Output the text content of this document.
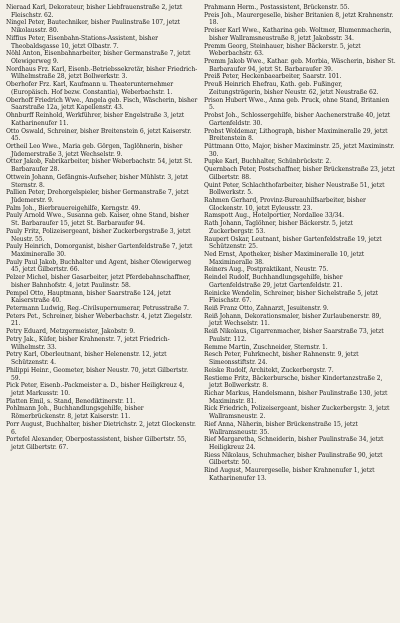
Nieraad Karl, Dekorateur, bisher Liebfrauenstraße 2, jetzt Fleischstr. 62.

Ningel Peter, Bautechniker, bisher Paulinstraße 107, jetzt Nikolausstr. 80.

Niffius Peter, Eisenbahn-Stations-Assistent, bisher Theobaldsgasse 10, jetzt Olbastr. 7.

Nöhl Anton, Eisenbahnarbeiter, bisher Germanstraße 7, jetzt Olewigerweg 9.

Nordhaus Frz. Karl, Eisenb.-Betriebssekretär, bisher Friedrich-Wilhelmstraße 28, jetzt Bollwerkstr. 3.

Oberhofer Frz. Karl, Kaufmann u. Theaterunternehmer (Europäisch. Hof bezw. Constantia), Weberbachstr. 1.

Oberhoff Friedrich Wwe., Angela geb. Fisch, Wäscherin, bisher Saarstraße 12a, jetzt Kapellenstr. 43.

Ohnburff Reinhold, Werkführer, bisher Engelstraße 3, jetzt Katharinenufer 11.

Otto Oswald, Schreiner, bisher Breitenstein 6, jetzt Kaiserstr. 45.

Ortheil Leo Wwe., Maria geb. Görgen, Taglöhnerin, bisher Jüdemerstraße 3, jetzt Wechselstr. 9.

Otter Jakob, Fabrikarbeiter, bisher Weberbachstr. 54, jetzt St. Barbaraufer 28.

Ottwein Johann, Gefängnis-Aufseher, bisher Mühlstr. 3, jetzt Sternstr. 8.

Pallien Peter, Drehorgelspieler, bisher Germanstraße 7, jetzt Jüdemerstr. 9.

Palm Joh., Bierbrauereigehilfe, Kerngstr. 49.

Pauly Arnold Wwe., Susanna geb. Kaiser, ohne Stand, bisher St. Barbaraufer 15, jetzt St. Barbaraufer 94.

Pauly Fritz, Polizeisergeant, bisher Zuckerbergstraße 3, jetzt Neustr. 55.

Pauly Heinrich, Domorganist, bisher Gartenfeldstraße 7, jetzt Maximineralle 30.

Pauly Paul Jakob, Buchhalter und Agent, bisher Olewigerweg 45, jetzt Gilbertstr. 66.

Pelzer Michel, bisher Gasarbeiter, jetzt Pferdebahnschaffner, bisher Bahnhofstr. 4, jetzt Paulinstr. 58.

Pempel Otto, Hauptmann, bisher Saarstraße 124, jetzt Kaiserstraße 40.

Petermann Ludwig, Reg.-Civilsupernumerar, Petrusstraße 7.

Peters Pet., Schreiner, bisher Weberbachstr. 4, jetzt Ziegelstr. 21.

Petry Eduard, Metzgermeister, Jakobstr. 9.

Petry Jak., Küfer, bisher Krahnenstr. 7, jetzt Friedrich-Wilhelmstr. 33.

Petry Karl, Oberleutnant, bisher Helenenstr. 12, jetzt Schützenstr. 4.

Philippi Heinr., Geometer, bisher Neustr. 70, jetzt Gilbertstr. 59.

Pick Peter, Eisenb.-Packmeister a. D., bisher Heiligkreuz 4, jetzt Markusstr. 10.

Platten Emil, s. Stand, Benediktinerstr. 11.

Pohlmann Joh., Buchhandlungsgehilfe, bisher Römerbrückenstr. 8, jetzt Kaiserstr. 11.

Porr August, Buchhalter, bisher Dietrichstr. 2, jetzt Glockenstr. 6.

Portefel Alexander, Oberpostassistent, bisher Gilbertstr. 55, jetzt Gilbertstr. 67.

Prahmann Herm., Postassistent, Brückenstr. 55.

Preis Joh., Maurergeselle, bisher Britanien 8, jetzt Krahnenstr. 18.

Preiser Karl Wwe., Katharina geb. Woltmer, Blumenmacherin, bisher Wallramsneustraße 8, jetzt Jakobsstr. 34.

Premm Georg, Steinhauer, bisher Bäckerstr. 5, jetzt Weberbachstr. 63.

Premm Jakob Wwe., Kathar. geb. Morbia, Wäscherin, bisher St. Barbaraufer 94, jetzt St. Barbaraufer 39.

Preiß Peter, Heckenbaearbeiter, Saarstr. 101.

Preuß Heinrich Ehefrau, Kath. geb. Fußinger, Zeitungsträgerin, bisher Neustr. 62, jetzt Neustraße 62.

Prison Hubert Wwe., Anna geb. Pruck, ohne Stand, Britanien 5.

Probst Joh., Schlossergehilfe, bisher Aachenerstraße 40, jetzt Gartenfeldstr. 30.

Probst Woldemar, Lithograph, bisher Maximineralle 29, jetzt Breitenstein 8.

Püttmann Otto, Major, bisher Maximinstr. 25, jetzt Maximinstr. 30.

Pupke Karl, Buchhalter, Schünbrückstr. 2.

Quernbach Peter, Postschaffner, bisher Brückenstraße 23, jetzt Gilbertstr. 88.

Quint Peter, Schlachthofarbeiter, bisher Neustraße 51, jetzt Bollwerkstr. 5.

Rahmen Gerhard, Provinz-Bureauhilfsarbeiter, bisher Glockenstr. 10, jetzt Eyleusstr. 23.

Ramspott Aug., Hotelportier, Nordallee 33/34.

Rath Johann, Taglöhner, bisher Bäckerstr. 5, jetzt Zuckerbergstr. 53.

Raupert Oskar, Leutnant, bisher Gartenfeldstraße 19, jetzt Schützenstr. 25.

Ned Ernst, Apotheker, bisher Maximineralle 10, jetzt Maximineralle 38.

Reiners Aug., Postpraktikant, Neustr. 75.

Reindel Rudolf, Buchhandlungsgehilfe, bisher Gartenfeldstraße 29, jetzt Gartenfeldstr. 21.

Reinicke Wendelin, Schreiner, bisher Sichelstraße 5, jetzt Fleischstr. 67.

Reiß Franz Otto, Zahnarzt, Jesuitenstr. 9.

Reiß Johann, Dekorationsmaler, bisher Zurlaubenerstr. 89, jetzt Wechselstr. 11.

Reiß Nikolaus, Cigarrenmacher, bisher Saarstraße 73, jetzt Paulstr. 112.

Remme Martin, Zuschneider, Sternstr. 1.

Resch Peter, Fuhrknecht, bisher Rahnenstr. 9, jetzt Simeonsstiftstr. 24.

Reiske Rudolf, Architekt, Zuckerbergstr. 7.

Restieme Fritz, Bäckerbursche, bisher Kindertanzstraße 2, jetzt Bollwerkstr. 8.

Richar Markus, Handelsmann, bisher Paulinstraße 130, jetzt Maximinstr. 81.

Rick Friedrich, Polizeisergeant, bisher Zuckerbergstr. 3, jetzt Wallramsneustr. 2.

Rief Anna, Näherin, bisher Brückenstraße 15, jetzt Wallramsneustr. 35.

Rief Margaretha, Schneiderin, bisher Paulinstraße 34, jetzt Heiligkreuz 24.

Riess Nikolaus, Schuhmacher, bisher Paulinstraße 90, jetzt Gilbertstr. 50.

Rind August, Maurergeselle, bisher Krahnenufer 1, jetzt Katharinenufer 13.
